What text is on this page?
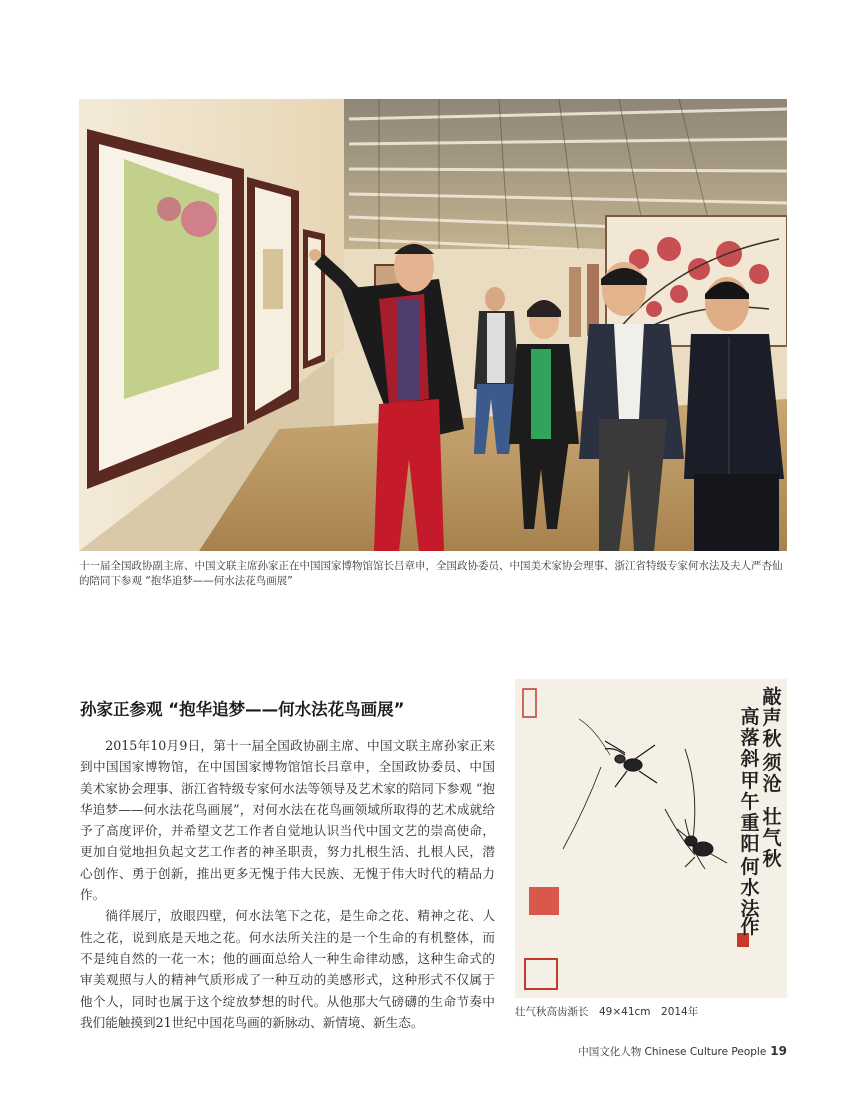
十一届全国政协副主席、中国文联主席孙家正在中国国家博物馆馆长吕章申，全国政协委员、中国美术家协会理事、浙江省特级专家何水法及夫人严杏仙的陪同下参观 “抱华追梦——何水法花鸟画展”
孙家正参观 “抱华追梦——何水法花鸟画展”

2015年10月9日，第十一届全国政协副主席、中国文联主席孙家正来到中国国家博物馆，在中国国家博物馆馆长吕章申，全国政协委员、中国美术家协会理事、浙江省特级专家何水法等领导及艺术家的陪同下参观 “抱华追梦——何水法花鸟画展”，对何水法在花鸟画领域所取得的艺术成就给予了高度评价，并希望文艺工作者自觉地认识当代中国文艺的崇高使命，更加自觉地担负起文艺工作者的神圣职责，努力扎根生活、扎根人民，潜心创作、勇于创新，推出更多无愧于伟大民族、无愧于伟大时代的精品力作。

徜徉展厅，放眼四壁，何水法笔下之花，是生命之花、精神之花、人性之花，说到底是天地之花。何水法所关注的是一个生命的有机整体，而不是纯自然的一花一木；他的画面总给人一种生命律动感，这种生命式的审美观照与人的精神气质形成了一种互动的美感形式，这种形式不仅属于他个人，同时也属于这个绽放梦想的时代。从他那大气磅礴的生命节奏中我们能触摸到21世纪中国花鸟画的新脉动、新情境、新生态。

敲声秋
高落斜 须沧
壮气秋
甲午重阳
何水法
作
壮气秋高齿渐长　49×41cm　2014年
中国文化人物 Chinese Culture People 19
